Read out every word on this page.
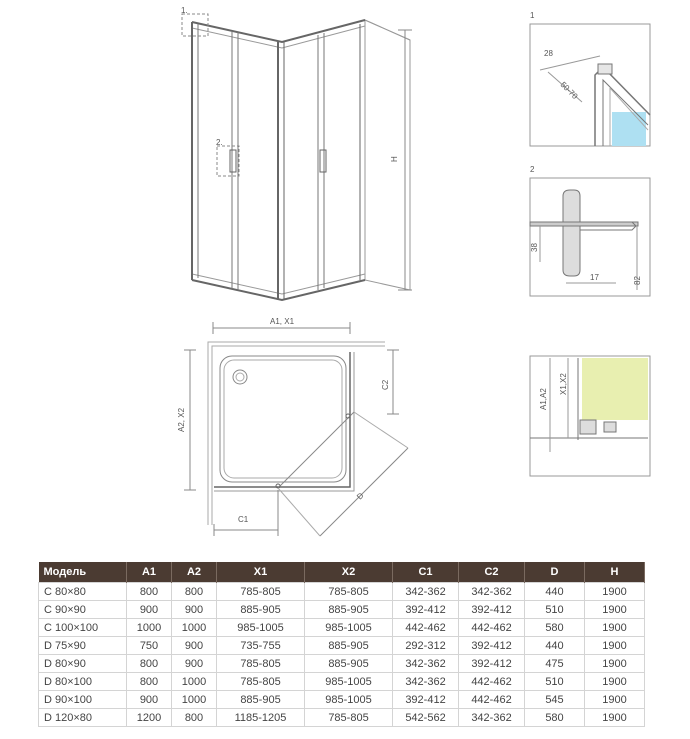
1.
2.
H
A1, X1
A2, X2
C2
C1
D
1
28
50-70
2
38
17	82
A1,A2
X1,X2
Модель	A1	A2	X1	X2	C1	C2	D	H
C 80×80	800	800	785-805	785-805	342-362	342-362	440	1900
C 90×90	900	900	885-905	885-905	392-412	392-412	510	1900
C 100×100	1000	1000	985-1005	985-1005	442-462	442-462	580	1900
D 75×90	750	900	735-755	885-905	292-312	392-412	440	1900
D 80×90	800	900	785-805	885-905	342-362	392-412	475	1900
D 80×100	800	1000	785-805	985-1005	342-362	442-462	510	1900
D 90×100	900	1000	885-905	985-1005	392-412	442-462	545	1900
D 120×80	1200	800	1185-1205	785-805	542-562	342-362	580	1900
